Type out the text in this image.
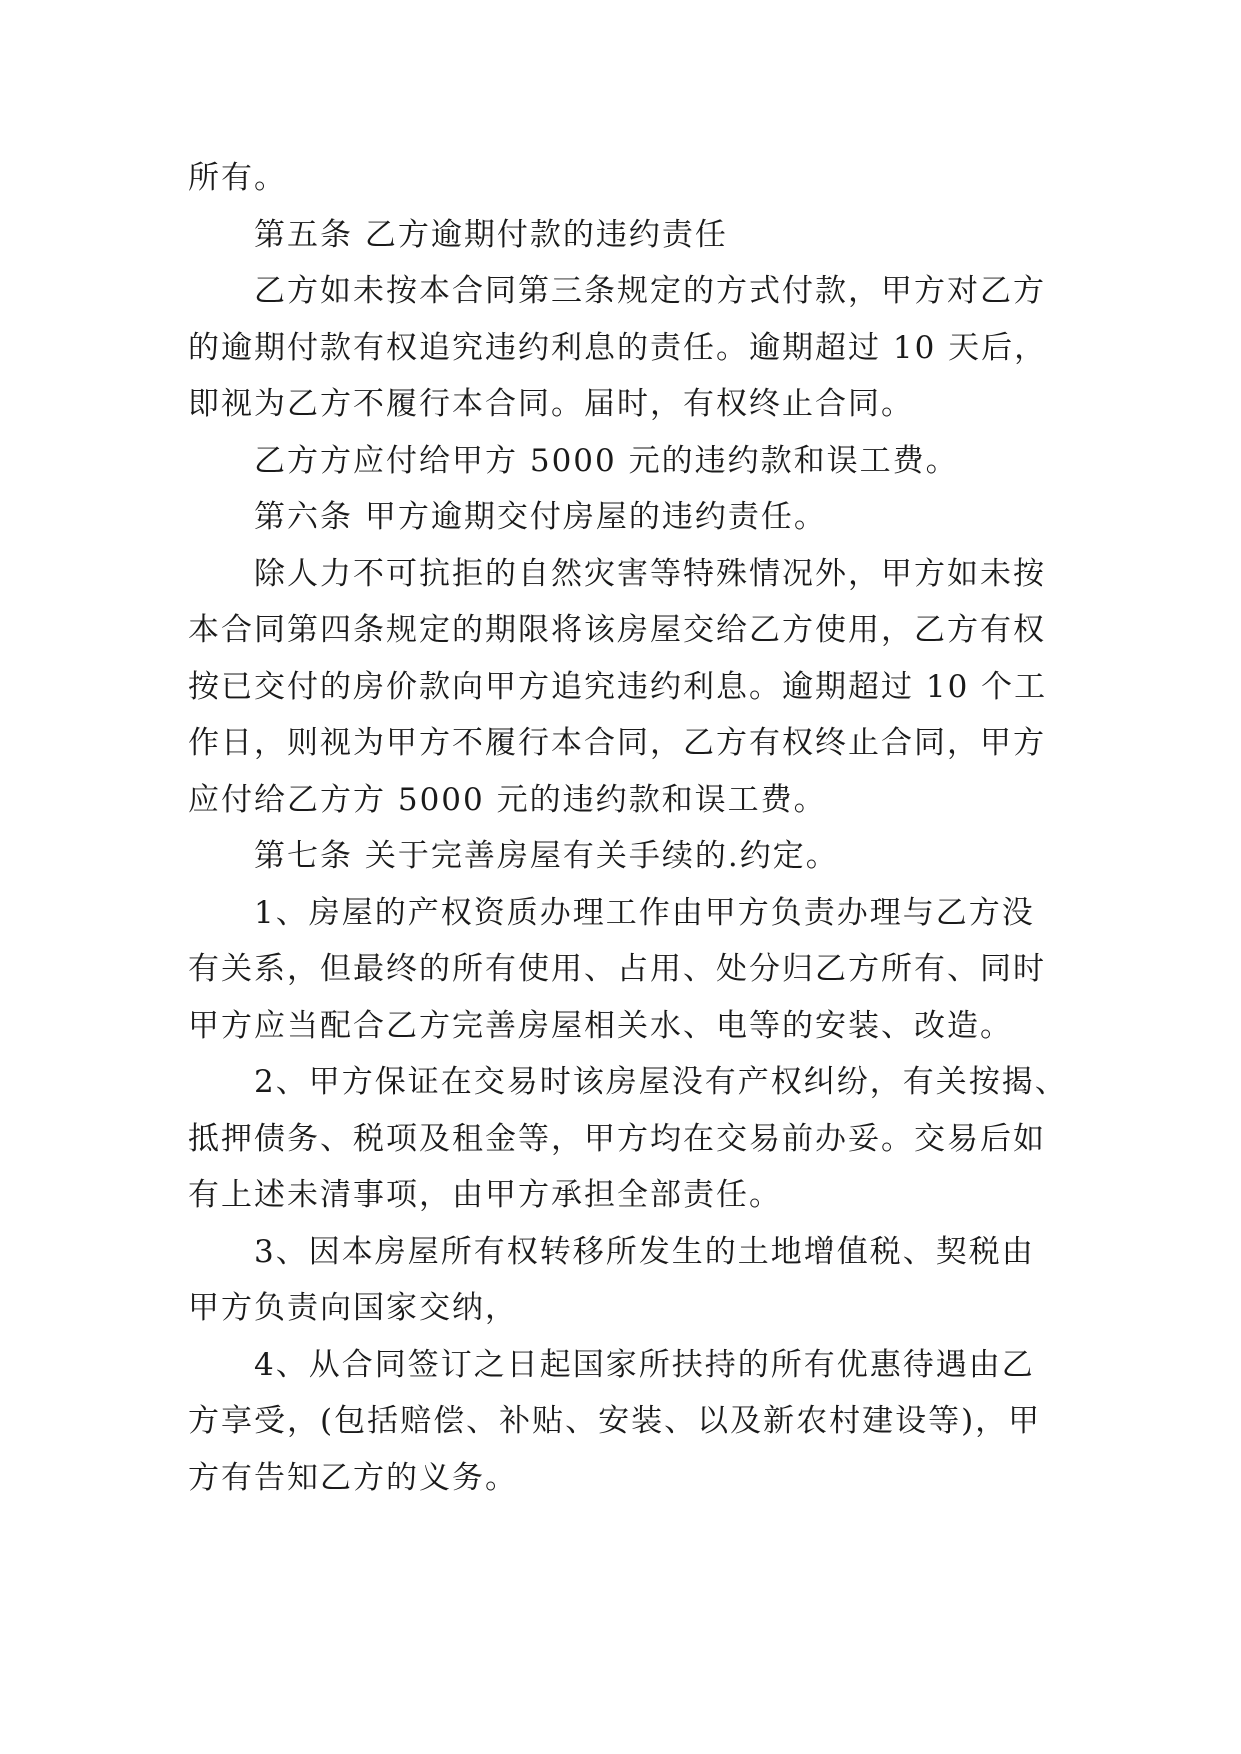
所有。
第五条 乙方逾期付款的违约责任
乙方如未按本合同第三条规定的方式付款，甲方对乙方
的逾期付款有权追究违约利息的责任。逾期超过 10 天后，
即视为乙方不履行本合同。届时，有权终止合同。
乙方方应付给甲方 5000 元的违约款和误工费。
第六条 甲方逾期交付房屋的违约责任。
除人力不可抗拒的自然灾害等特殊情况外，甲方如未按
本合同第四条规定的期限将该房屋交给乙方使用，乙方有权
按已交付的房价款向甲方追究违约利息。逾期超过 10 个工
作日，则视为甲方不履行本合同，乙方有权终止合同，甲方
应付给乙方方 5000 元的违约款和误工费。
第七条 关于完善房屋有关手续的.约定。
1、房屋的产权资质办理工作由甲方负责办理与乙方没
有关系，但最终的所有使用、占用、处分归乙方所有、同时
甲方应当配合乙方完善房屋相关水、电等的安装、改造。
2、甲方保证在交易时该房屋没有产权纠纷，有关按揭、
抵押债务、税项及租金等，甲方均在交易前办妥。交易后如
有上述未清事项，由甲方承担全部责任。
3、因本房屋所有权转移所发生的土地增值税、契税由
甲方负责向国家交纳，
4、从合同签订之日起国家所扶持的所有优惠待遇由乙
方享受，(包括赔偿、补贴、安装、以及新农村建设等)，甲
方有告知乙方的义务。
